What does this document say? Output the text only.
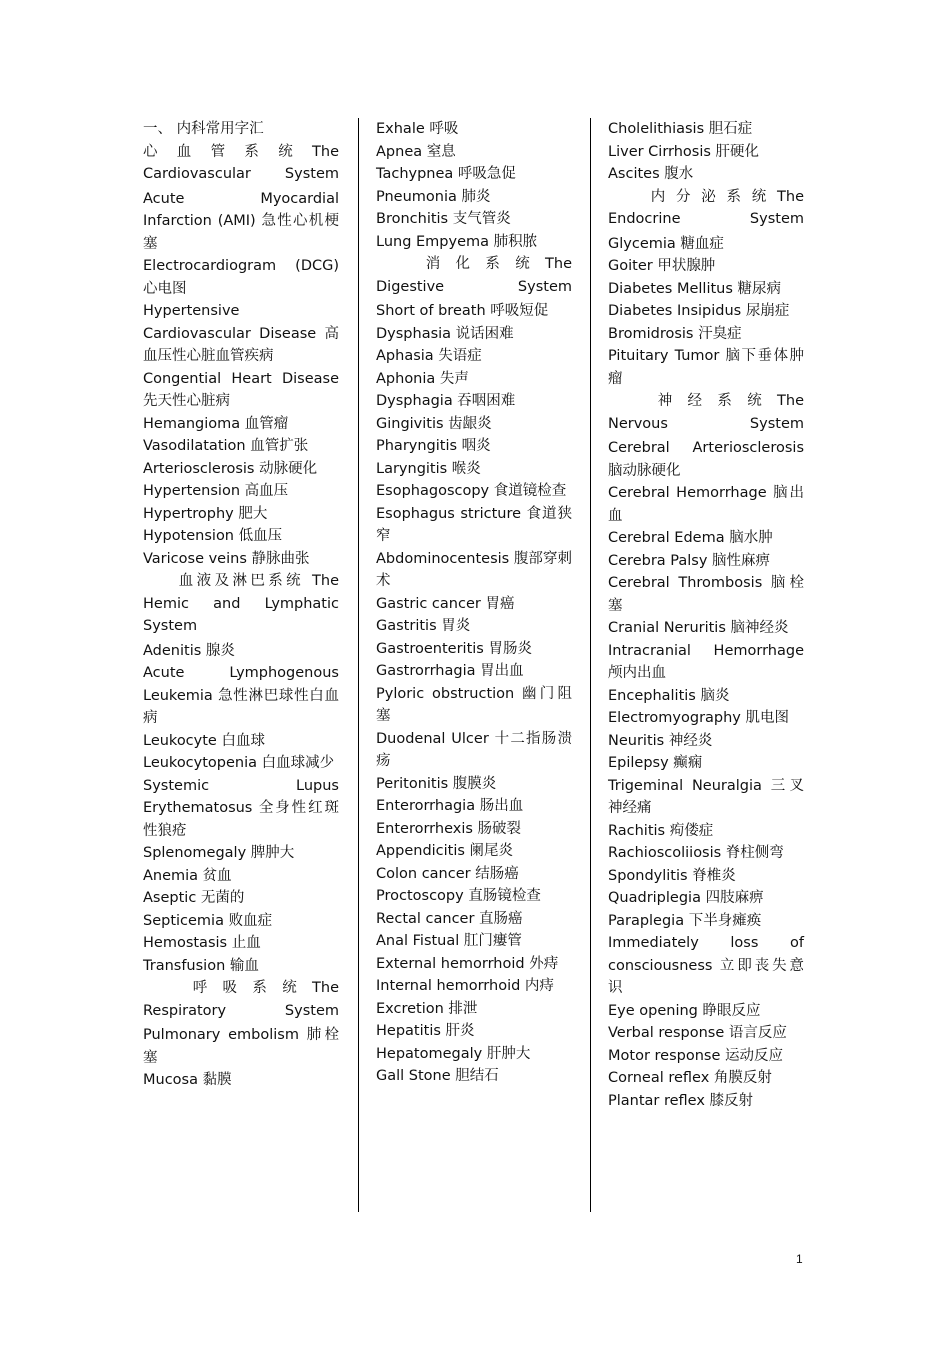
一、 内科常用字汇

心 血 管 系 统 The Cardiovascular System

Acute Myocardial Infarction (AMI) 急性心机梗塞

Electrocardiogram (DCG) 心电图

Hypertensive Cardiovascular Disease 高血压性心脏血管疾病

Congential Heart Disease 先天性心脏病

Hemangioma 血管瘤

Vasodilatation 血管扩张

Arteriosclerosis 动脉硬化

Hypertension 高血压

Hypertrophy 肥大

Hypotension 低血压

Varicose veins 静脉曲张

　　血液及淋巴系统 The Hemic and Lymphatic System

Adenitis 腺炎

Acute Lymphogenous Leukemia 急性淋巴球性白血病

Leukocyte 白血球

Leukocytopenia 白血球减少

Systemic Lupus Erythematosus 全身性红斑性狼疮

Splenomegaly 脾肿大

Anemia 贫血

Aseptic 无菌的

Septicemia 败血症

Hemostasis 止血

Transfusion 输血

　　 呼 吸 系 统 The Respiratory System

Pulmonary embolism 肺栓塞

Mucosa 黏膜

Exhale 呼吸

Apnea 窒息

Tachypnea 呼吸急促

Pneumonia 肺炎

Bronchitis 支气管炎

Lung Empyema 肺积脓

　　 消 化 系 统 The Digestive System

Short of breath 呼吸短促

Dysphasia 说话困难

Aphasia 失语症

Aphonia 失声

Dysphagia 吞咽困难

Gingivitis 齿龈炎

Pharyngitis 咽炎

Laryngitis 喉炎

Esophagoscopy 食道镜检查

Esophagus stricture 食道狭窄

Abdominocentesis 腹部穿刺术

Gastric cancer 胃癌

Gastritis 胃炎

Gastroenteritis 胃肠炎

Gastrorrhagia 胃出血

Pyloric obstruction 幽门阻塞

Duodenal Ulcer 十二指肠溃疡

Peritonitis 腹膜炎

Enterorrhagia 肠出血

Enterorrhexis 肠破裂

Appendicitis 阑尾炎

Colon cancer 结肠癌

Proctoscopy 直肠镜检查

Rectal cancer 直肠癌

Anal Fistual 肛门瘻管

External hemorrhoid 外痔

Internal hemorrhoid 内痔

Excretion 排泄

Hepatitis 肝炎

Hepatomegaly 肝肿大

Gall Stone 胆结石

Cholelithiasis 胆石症

Liver Cirrhosis 肝硬化

Ascites 腹水

　　 内 分 泌 系 统 The Endocrine System

Glycemia 糖血症

Goiter 甲状腺肿

Diabetes Mellitus 糖尿病

Diabetes Insipidus 尿崩症

Bromidrosis 汗臭症

Pituitary Tumor 脑下垂体肿瘤

　　 神 经 系 统 The Nervous System

Cerebral Arteriosclerosis 脑动脉硬化

Cerebral Hemorrhage 脑出血

Cerebral Edema 脑水肿

Cerebra Palsy 脑性麻痹

Cerebral Thrombosis 脑栓塞

Cranial Neruritis 脑神经炎

Intracranial Hemorrhage 颅内出血

Encephalitis 脑炎

Electromyography 肌电图

Neuritis 神经炎

Epilepsy 癫痫

Trigeminal Neuralgia 三叉神经痛

Rachitis 痀偻症

Rachioscoliiosis 脊柱侧弯

Spondylitis 脊椎炎

Quadriplegia 四肢麻痹

Paraplegia 下半身瘫痪

Immediately loss of consciousness 立即丧失意识

Eye opening 睁眼反应

Verbal response 语言反应

Motor response 运动反应

Corneal reflex 角膜反射

Plantar reflex 膝反射

1
